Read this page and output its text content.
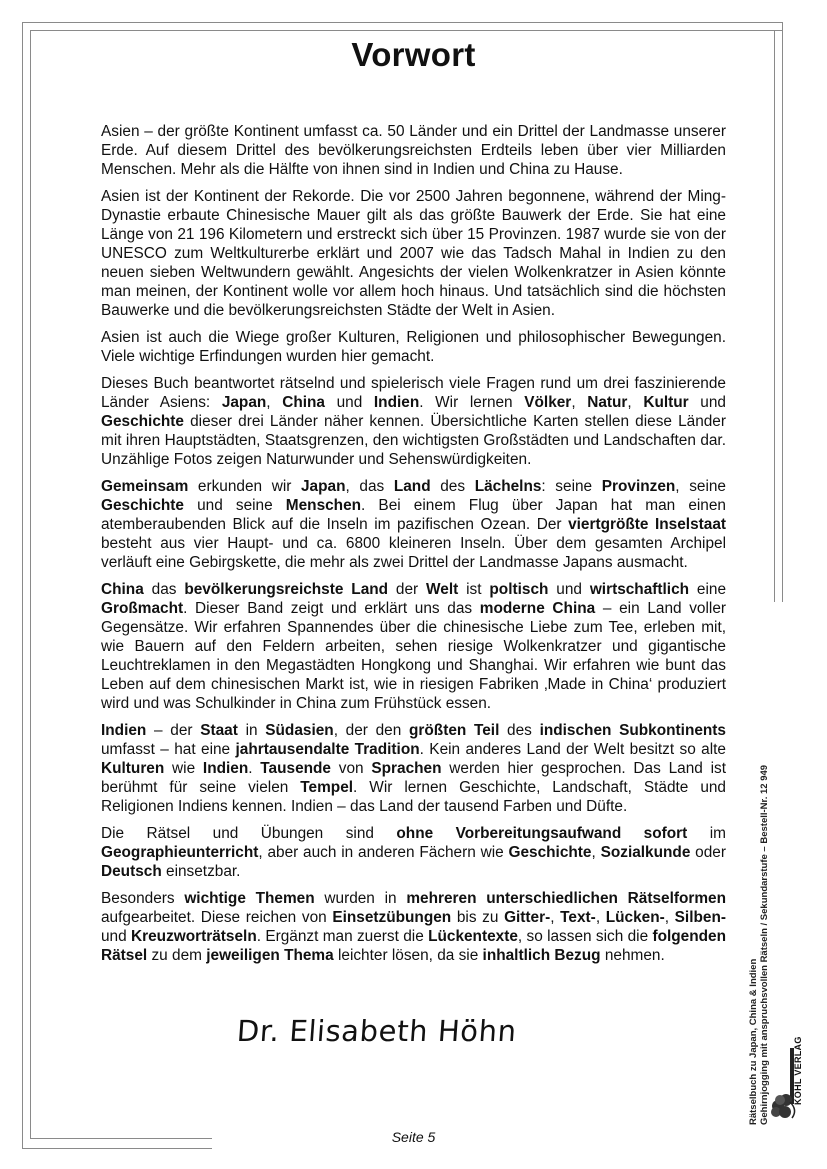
Vorwort

Asien – der größte Kontinent umfasst ca. 50 Länder und ein Drittel der Landmasse unserer Erde. Auf diesem Drittel des bevölkerungsreichsten Erdteils leben über vier Milliarden Menschen. Mehr als die Hälfte von ihnen sind in Indien und China zu Hause.

Asien ist der Kontinent der Rekorde. Die vor 2500 Jahren begonnene, während der Ming-Dynastie erbaute Chinesische Mauer gilt als das größte Bauwerk der Erde. Sie hat eine Länge von 21 196 Kilometern und erstreckt sich über 15 Provinzen. 1987 wurde sie von der UNESCO zum Weltkulturerbe erklärt und 2007 wie das Tadsch Mahal in Indien zu den neuen sieben Weltwundern gewählt. Angesichts der vielen Wolkenkratzer in Asien könnte man meinen, der Kontinent wolle vor allem hoch hinaus. Und tatsächlich sind die höchsten Bauwerke und die bevölkerungsreichsten Städte der Welt in Asien.

Asien ist auch die Wiege großer Kulturen, Religionen und philosophischer Bewegungen. Viele wichtige Erfindungen wurden hier gemacht.

Dieses Buch beantwortet rätselnd und spielerisch viele Fragen rund um drei faszinierende Länder Asiens: Japan, China und Indien. Wir lernen Völker, Natur, Kultur und Geschichte dieser drei Länder näher kennen. Übersichtliche Karten stellen diese Länder mit ihren Hauptstädten, Staatsgrenzen, den wichtigsten Großstädten und Landschaften dar. Unzählige Fotos zeigen Naturwunder und Sehenswürdigkeiten.

Gemeinsam erkunden wir Japan, das Land des Lächelns: seine Provinzen, seine Geschichte und seine Menschen. Bei einem Flug über Japan hat man einen atemberaubenden Blick auf die Inseln im pazifischen Ozean. Der viertgrößte Inselstaat besteht aus vier Haupt- und ca. 6800 kleineren Inseln. Über dem gesamten Archipel verläuft eine Gebirgskette, die mehr als zwei Drittel der Landmasse Japans ausmacht.

China das bevölkerungsreichste Land der Welt ist poltisch und wirtschaftlich eine Großmacht. Dieser Band zeigt und erklärt uns das moderne China – ein Land voller Gegensätze. Wir erfahren Spannendes über die chinesische Liebe zum Tee, erleben mit, wie Bauern auf den Feldern arbeiten, sehen riesige Wolkenkratzer und gigantische Leuchtreklamen in den Megastädten Hongkong und Shanghai. Wir erfahren wie bunt das Leben auf dem chinesischen Markt ist, wie in riesigen Fabriken ‚Made in China‘ produziert wird und was Schulkinder in China zum Frühstück essen.

Indien – der Staat in Südasien, der den größten Teil des indischen Subkontinents umfasst – hat eine jahrtausendalte Tradition. Kein anderes Land der Welt besitzt so alte Kulturen wie Indien. Tausende von Sprachen werden hier gesprochen. Das Land ist berühmt für seine vielen Tempel. Wir lernen Geschichte, Landschaft, Städte und Religionen Indiens kennen. Indien – das Land der tausend Farben und Düfte.

Die Rätsel und Übungen sind ohne Vorbereitungsaufwand sofort im Geographieunterricht, aber auch in anderen Fächern wie Geschichte, Sozialkunde oder Deutsch einsetzbar.

Besonders wichtige Themen wurden in mehreren unterschiedlichen Rätselformen aufgearbeitet. Diese reichen von Einsetzübungen bis zu Gitter-, Text-, Lücken-, Silben- und Kreuzworträtseln. Ergänzt man zuerst die Lückentexte, so lassen sich die folgenden Rätsel zu dem jeweiligen Thema leichter lösen, da sie inhaltlich Bezug nehmen.

Dr. Elisabeth Höhn
Seite 5
Rätselbuch zu Japan, China & Indien Gehirnjogging mit anspruchsvollen Rätseln / Sekundarstufe – Bestell-Nr. 12 949	KOHL VERLAG
